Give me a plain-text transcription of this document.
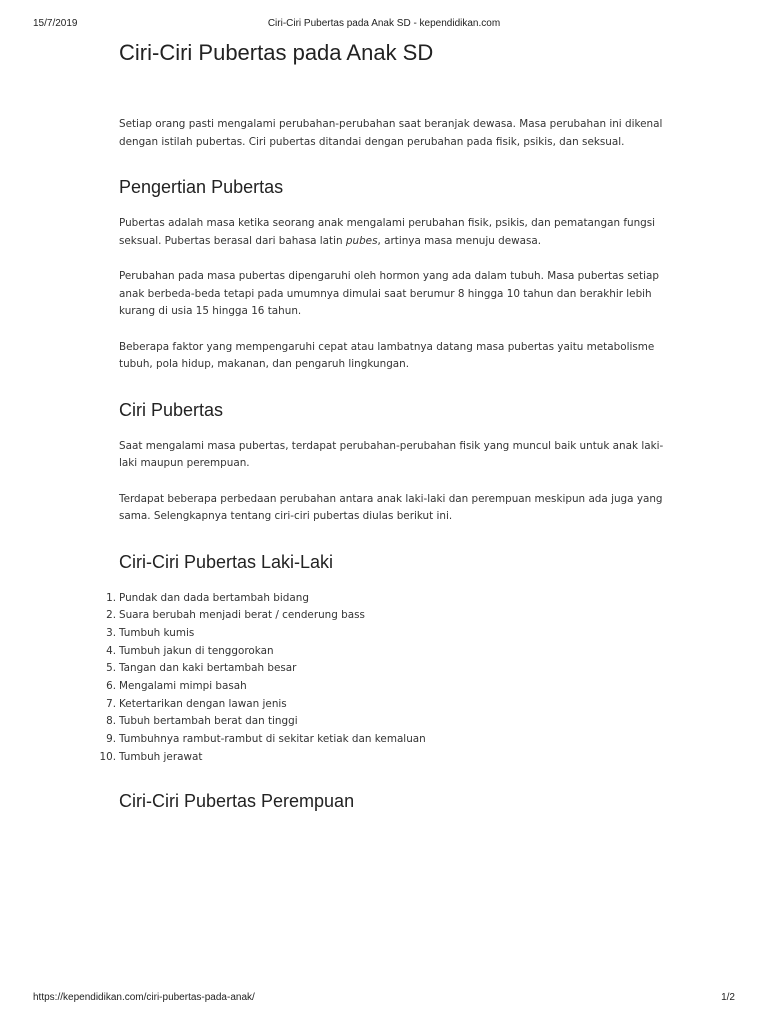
15/7/2019	Ciri-Ciri Pubertas pada Anak SD - kependidikan.com
Ciri-Ciri Pubertas pada Anak SD

Setiap orang pasti mengalami perubahan-perubahan saat beranjak dewasa. Masa perubahan ini dikenal dengan istilah pubertas. Ciri pubertas ditandai dengan perubahan pada fisik, psikis, dan seksual.

Pengertian Pubertas

Pubertas adalah masa ketika seorang anak mengalami perubahan fisik, psikis, dan pematangan fungsi seksual. Pubertas berasal dari bahasa latin pubes, artinya masa menuju dewasa.

Perubahan pada masa pubertas dipengaruhi oleh hormon yang ada dalam tubuh. Masa pubertas setiap anak berbeda-beda tetapi pada umumnya dimulai saat berumur 8 hingga 10 tahun dan berakhir lebih kurang di usia 15 hingga 16 tahun.

Beberapa faktor yang mempengaruhi cepat atau lambatnya datang masa pubertas yaitu metabolisme tubuh, pola hidup, makanan, dan pengaruh lingkungan.

Ciri Pubertas

Saat mengalami masa pubertas, terdapat perubahan-perubahan fisik yang muncul baik untuk anak laki-laki maupun perempuan.

Terdapat beberapa perbedaan perubahan antara anak laki-laki dan perempuan meskipun ada juga yang sama. Selengkapnya tentang ciri-ciri pubertas diulas berikut ini.

Ciri-Ciri Pubertas Laki-Laki
1. Pundak dan dada bertambah bidang
2. Suara berubah menjadi berat / cenderung bass
3. Tumbuh kumis
4. Tumbuh jakun di tenggorokan
5. Tangan dan kaki bertambah besar
6. Mengalami mimpi basah
7. Ketertarikan dengan lawan jenis
8. Tubuh bertambah berat dan tinggi
9. Tumbuhnya rambut-rambut di sekitar ketiak dan kemaluan
10. Tumbuh jerawat
Ciri-Ciri Pubertas Perempuan
https://kependidikan.com/ciri-pubertas-pada-anak/	1/2
